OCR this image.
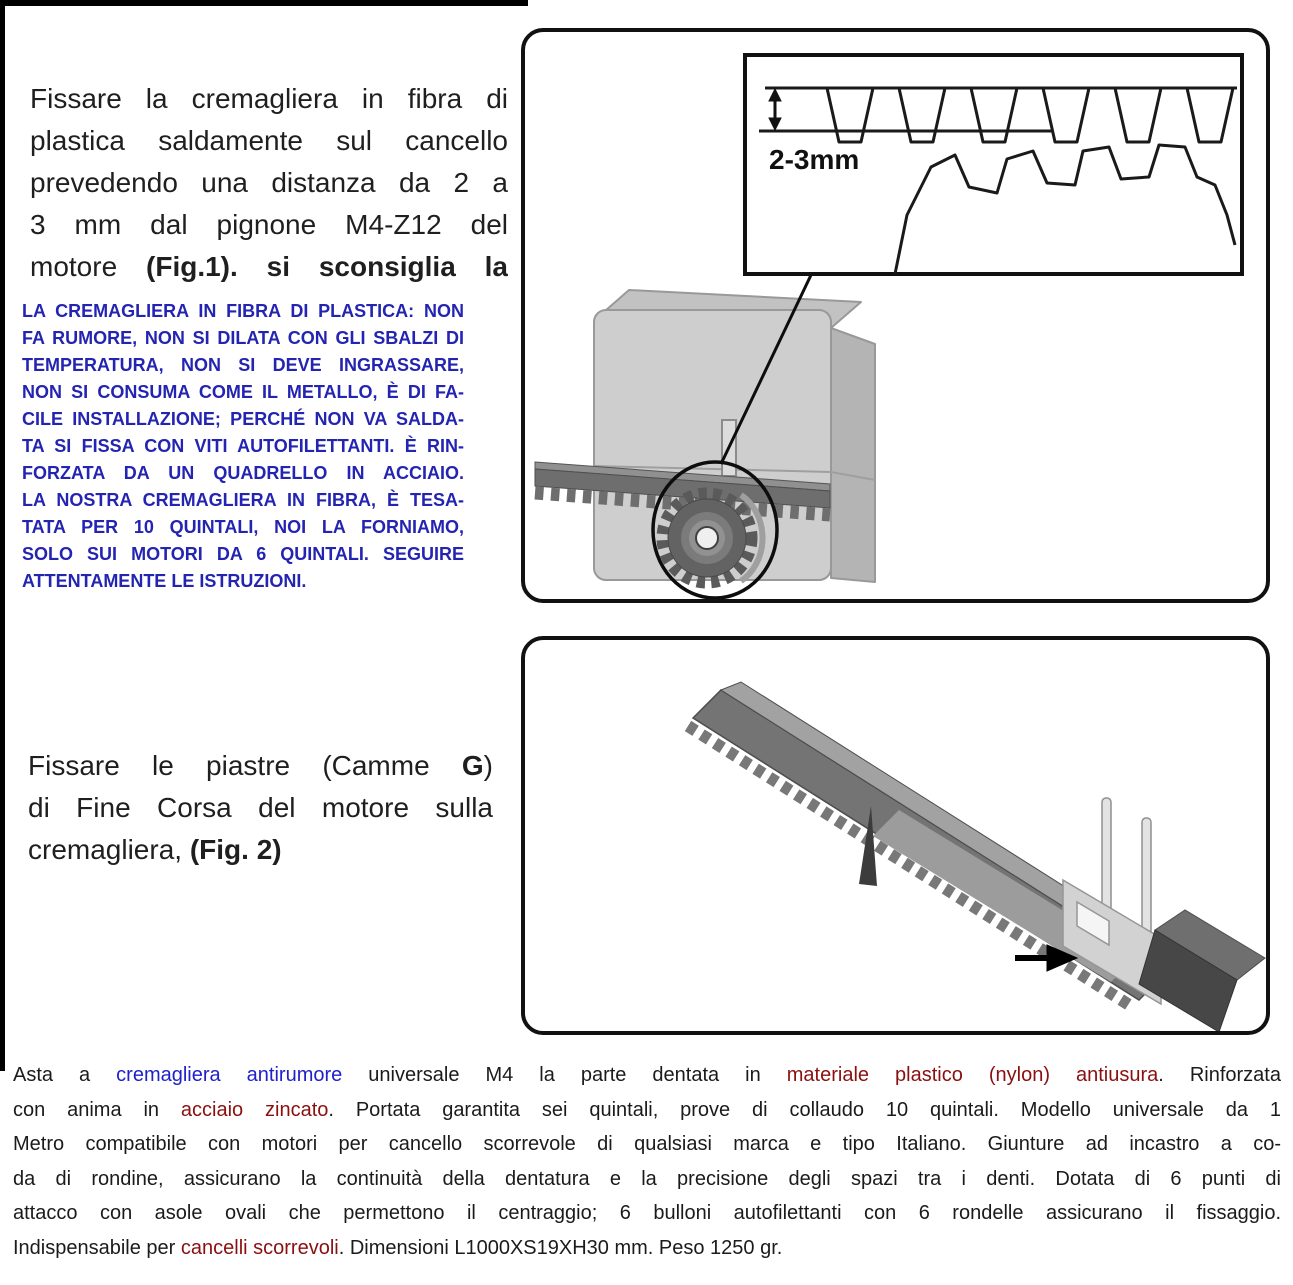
Fissare la cremagliera in fibra di
plastica saldamente sul cancello
prevedendo una distanza da 2 a
3 mm dal pignone M4-Z12 del
motore (Fig.1). si sconsiglia la
LA CREMAGLIERA IN FIBRA DI PLASTICA: NON
FA RUMORE, NON SI DILATA CON GLI SBALZI DI
TEMPERATURA, NON SI DEVE INGRASSARE,
NON SI CONSUMA COME IL METALLO, È DI FA-
CILE INSTALLAZIONE; PERCHÉ NON VA SALDA-
TA SI FISSA CON VITI AUTOFILETTANTI. È RIN-
FORZATA DA UN QUADRELLO IN ACCIAIO.
LA NOSTRA CREMAGLIERA IN FIBRA, È TESA-
TATA PER 10 QUINTALI, NOI LA FORNIAMO,
SOLO SUI MOTORI DA 6 QUINTALI. SEGUIRE
ATTENTAMENTE LE ISTRUZIONI.
2-3mm
Fissare le piastre (Camme G)
di Fine Corsa del motore sulla
cremagliera, (Fig. 2)
Asta a cremagliera antirumore universale M4 la parte dentata in materiale plastico (nylon) antiusura. Rinforzata
con anima in acciaio zincato. Portata garantita sei quintali, prove di collaudo 10 quintali. Modello universale da 1
Metro compatibile con motori per cancello scorrevole di qualsiasi marca e tipo Italiano. Giunture ad incastro a co-
da di rondine, assicurano la continuità della dentatura e la precisione degli spazi tra i denti. Dotata di 6 punti di
attacco con asole ovali che permettono il centraggio; 6 bulloni autofilettanti con 6 rondelle assicurano il fissaggio.
Indispensabile per cancelli scorrevoli. Dimensioni L1000XS19XH30 mm. Peso 1250 gr.
